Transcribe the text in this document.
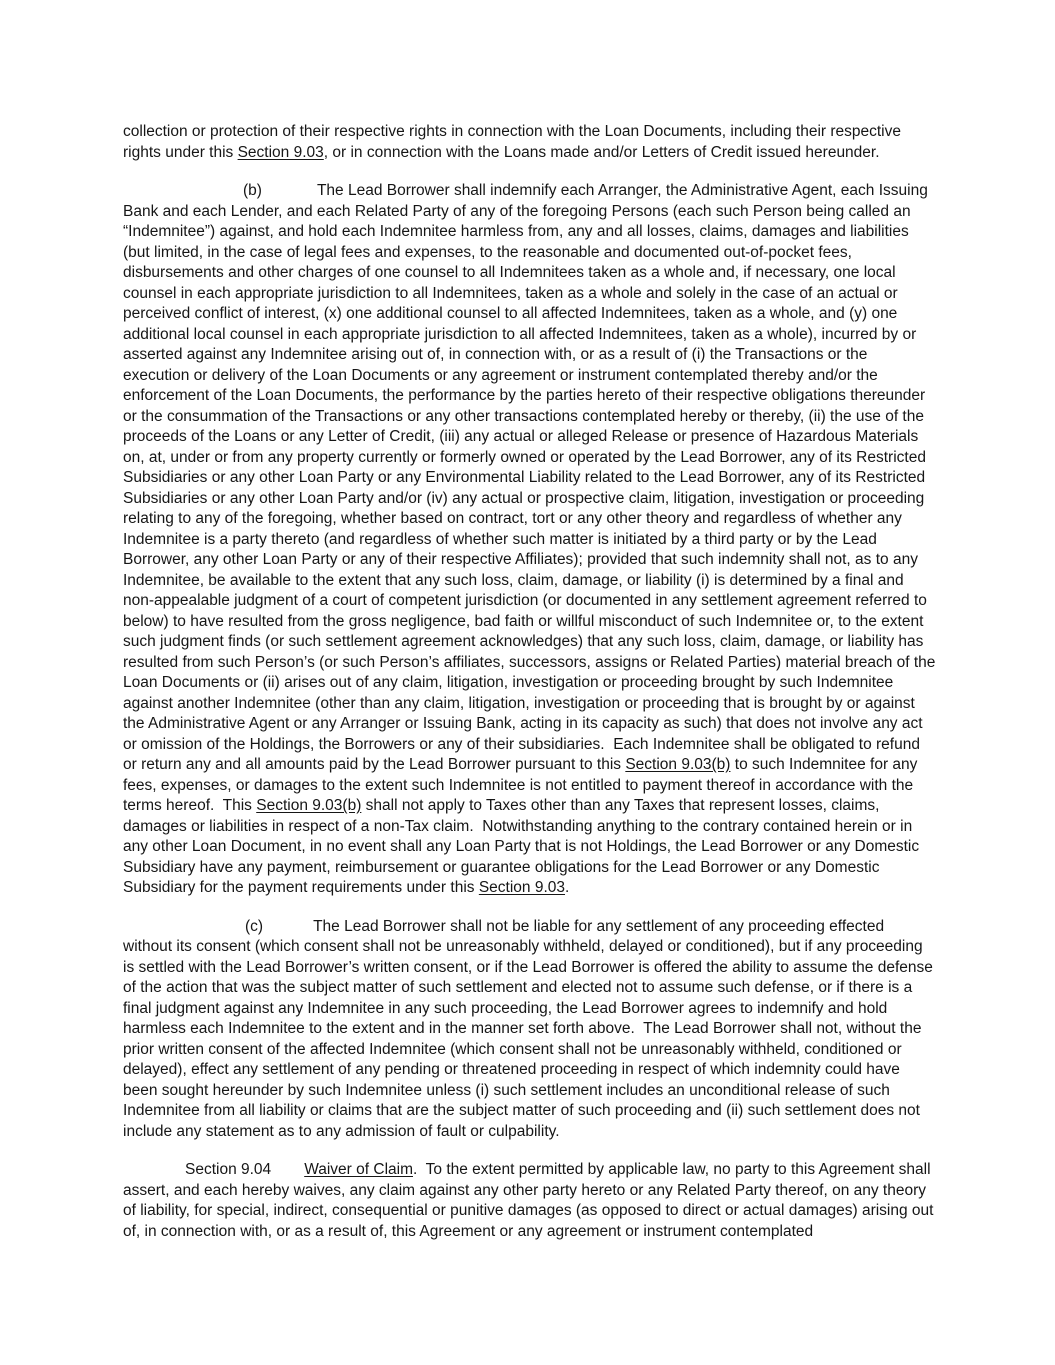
collection or protection of their respective rights in connection with the Loan Documents, including their respective rights under this Section 9.03, or in connection with the Loans made and/or Letters of Credit issued hereunder.

(b)	The Lead Borrower shall indemnify each Arranger, the Administrative Agent, each Issuing Bank and each Lender, and each Related Party of any of the foregoing Persons (each such Person being called an “Indemnitee”) against, and hold each Indemnitee harmless from, any and all losses, claims, damages and liabilities (but limited, in the case of legal fees and expenses, to the reasonable and documented out-of-pocket fees, disbursements and other charges of one counsel to all Indemnitees taken as a whole and, if necessary, one local counsel in each appropriate jurisdiction to all Indemnitees, taken as a whole and solely in the case of an actual or perceived conflict of interest, (x) one additional counsel to all affected Indemnitees, taken as a whole, and (y) one additional local counsel in each appropriate jurisdiction to all affected Indemnitees, taken as a whole), incurred by or asserted against any Indemnitee arising out of, in connection with, or as a result of (i) the Transactions or the execution or delivery of the Loan Documents or any agreement or instrument contemplated thereby and/or the enforcement of the Loan Documents, the performance by the parties hereto of their respective obligations thereunder or the consummation of the Transactions or any other transactions contemplated hereby or thereby, (ii) the use of the proceeds of the Loans or any Letter of Credit, (iii) any actual or alleged Release or presence of Hazardous Materials on, at, under or from any property currently or formerly owned or operated by the Lead Borrower, any of its Restricted Subsidiaries or any other Loan Party or any Environmental Liability related to the Lead Borrower, any of its Restricted Subsidiaries or any other Loan Party and/or (iv) any actual or prospective claim, litigation, investigation or proceeding relating to any of the foregoing, whether based on contract, tort or any other theory and regardless of whether any Indemnitee is a party thereto (and regardless of whether such matter is initiated by a third party or by the Lead Borrower, any other Loan Party or any of their respective Affiliates); provided that such indemnity shall not, as to any Indemnitee, be available to the extent that any such loss, claim, damage, or liability (i) is determined by a final and non-appealable judgment of a court of competent jurisdiction (or documented in any settlement agreement referred to below) to have resulted from the gross negligence, bad faith or willful misconduct of such Indemnitee or, to the extent such judgment finds (or such settlement agreement acknowledges) that any such loss, claim, damage, or liability has resulted from such Person’s (or such Person’s affiliates, successors, assigns or Related Parties) material breach of the Loan Documents or (ii) arises out of any claim, litigation, investigation or proceeding brought by such Indemnitee against another Indemnitee (other than any claim, litigation, investigation or proceeding that is brought by or against the Administrative Agent or any Arranger or Issuing Bank, acting in its capacity as such) that does not involve any act or omission of the Holdings, the Borrowers or any of their subsidiaries.  Each Indemnitee shall be obligated to refund or return any and all amounts paid by the Lead Borrower pursuant to this Section 9.03(b) to such Indemnitee for any fees, expenses, or damages to the extent such Indemnitee is not entitled to payment thereof in accordance with the terms hereof.  This Section 9.03(b) shall not apply to Taxes other than any Taxes that represent losses, claims, damages or liabilities in respect of a non-Tax claim.  Notwithstanding anything to the contrary contained herein or in any other Loan Document, in no event shall any Loan Party that is not Holdings, the Lead Borrower or any Domestic Subsidiary have any payment, reimbursement or guarantee obligations for the Lead Borrower or any Domestic Subsidiary for the payment requirements under this Section 9.03.

(c)	The Lead Borrower shall not be liable for any settlement of any proceeding effected without its consent (which consent shall not be unreasonably withheld, delayed or conditioned), but if any proceeding is settled with the Lead Borrower’s written consent, or if the Lead Borrower is offered the ability to assume the defense of the action that was the subject matter of such settlement and elected not to assume such defense, or if there is a final judgment against any Indemnitee in any such proceeding, the Lead Borrower agrees to indemnify and hold harmless each Indemnitee to the extent and in the manner set forth above.  The Lead Borrower shall not, without the prior written consent of the affected Indemnitee (which consent shall not be unreasonably withheld, conditioned or delayed), effect any settlement of any pending or threatened proceeding in respect of which indemnity could have been sought hereunder by such Indemnitee unless (i) such settlement includes an unconditional release of such Indemnitee from all liability or claims that are the subject matter of such proceeding and (ii) such settlement does not include any statement as to any admission of fault or culpability.

Section 9.04 Waiver of Claim.  To the extent permitted by applicable law, no party to this Agreement shall assert, and each hereby waives, any claim against any other party hereto or any Related Party thereof, on any theory of liability, for special, indirect, consequential or punitive damages (as opposed to direct or actual damages) arising out of, in connection with, or as a result of, this Agreement or any agreement or instrument contemplated
